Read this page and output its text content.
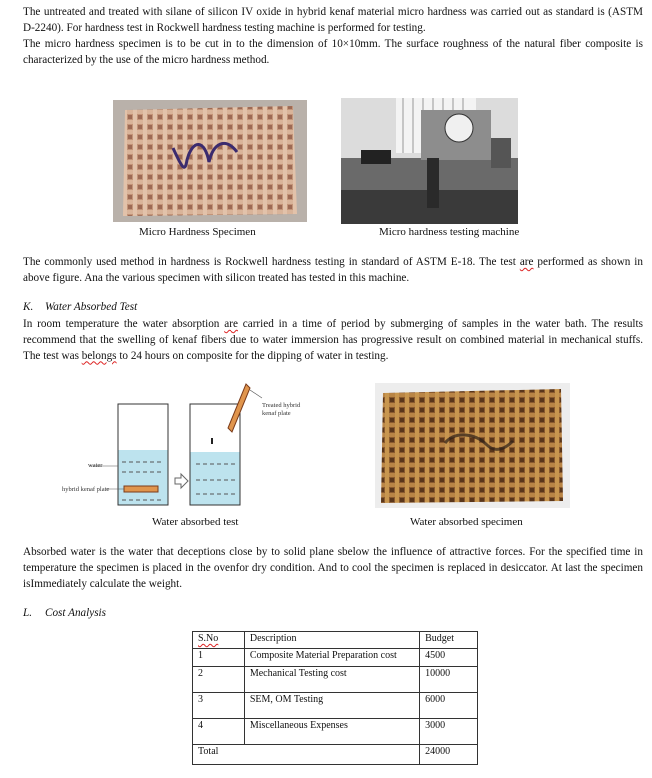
The untreated and treated with silane of silicon IV oxide in hybrid kenaf material micro hardness was carried out as standard is (ASTM D-2240). For hardness test in Rockwell hardness testing machine is performed for testing.

The micro hardness specimen is to be cut in to the dimension of 10×10mm. The surface roughness of the natural fiber composite is characterized by the use of the micro hardness method.

Micro Hardness Specimen	Micro hardness testing machine

The commonly used method in hardness is Rockwell hardness testing in standard of ASTM E-18. The test are performed as shown in above figure. Ana the various specimen with silicon treated has tested in this machine.

K. Water Absorbed Test

In room temperature the water absorption are carried in a time of period by submerging of samples in the water bath. The results recommend that the swelling of kenaf fibers due to water immersion has progressive result on combined material in mechanical stuffs. The test was belongs to 24 hours on composite for the dipping of water in testing.

Treated hybrid kenaf plate
water
hybrid kenaf plate
Water absorbed test	Water absorbed specimen

Absorbed water is the water that deceptions close by to solid plane sbelow the influence of attractive forces. For the specified time in temperature the specimen is placed in the ovenfor dry condition. And to cool the specimen is replaced in desiccator. At last the specimen isImmediately calculate the weight.

L. Cost Analysis
S.No	Description	Budget
1	Composite Material Preparation cost	4500
2	Mechanical Testing cost	10000
3	SEM, OM Testing	6000
4	Miscellaneous Expenses	3000
Total		24000
